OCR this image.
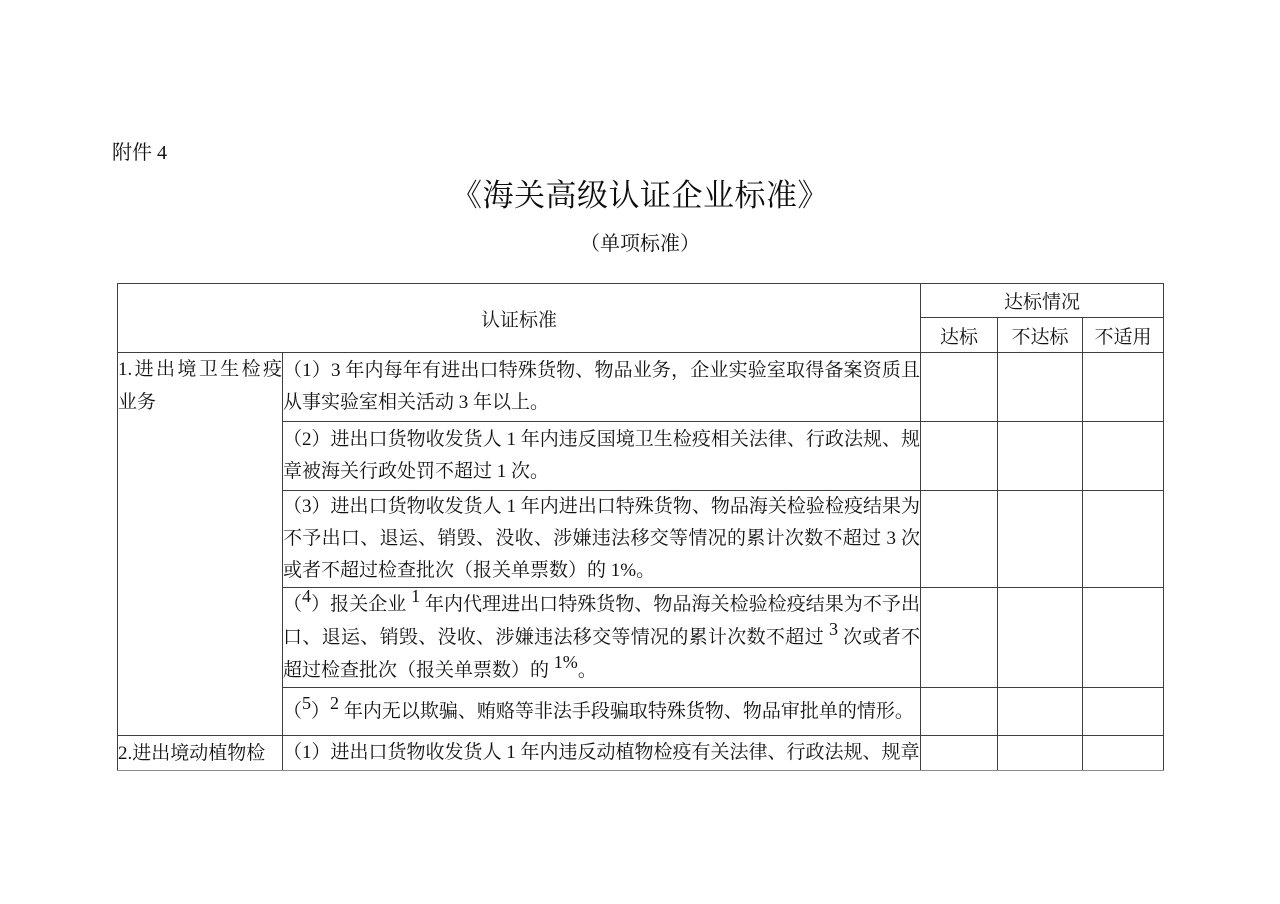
附件 4
《海关高级认证企业标准》
（单项标准）
认证标准		达标情况		
		达标	不达标	不适用
1.进出境卫生检疫业务	（1）3 年内每年有进出口特殊货物、物品业务，企业实验室取得备案资质且从事实验室相关活动 3 年以上。			
	（2）进出口货物收发货人 1 年内违反国境卫生检疫相关法律、行政法规、规章被海关行政处罚不超过 1 次。			
	（3）进出口货物收发货人 1 年内进出口特殊货物、物品海关检验检疫结果为不予出口、退运、销毁、没收、涉嫌违法移交等情况的累计次数不超过 3 次或者不超过检查批次（报关单票数）的 1%。			
	（4）报关企业 1 年内代理进出口特殊货物、物品海关检验检疫结果为不予出口、退运、销毁、没收、涉嫌违法移交等情况的累计次数不超过 3 次或者不超过检查批次（报关单票数）的 1%。			
	（5）2 年内无以欺骗、贿赂等非法手段骗取特殊货物、物品审批单的情形。			
2.进出境动植物检	（1）进出口货物收发货人 1 年内违反动植物检疫有关法律、行政法规、规章			
